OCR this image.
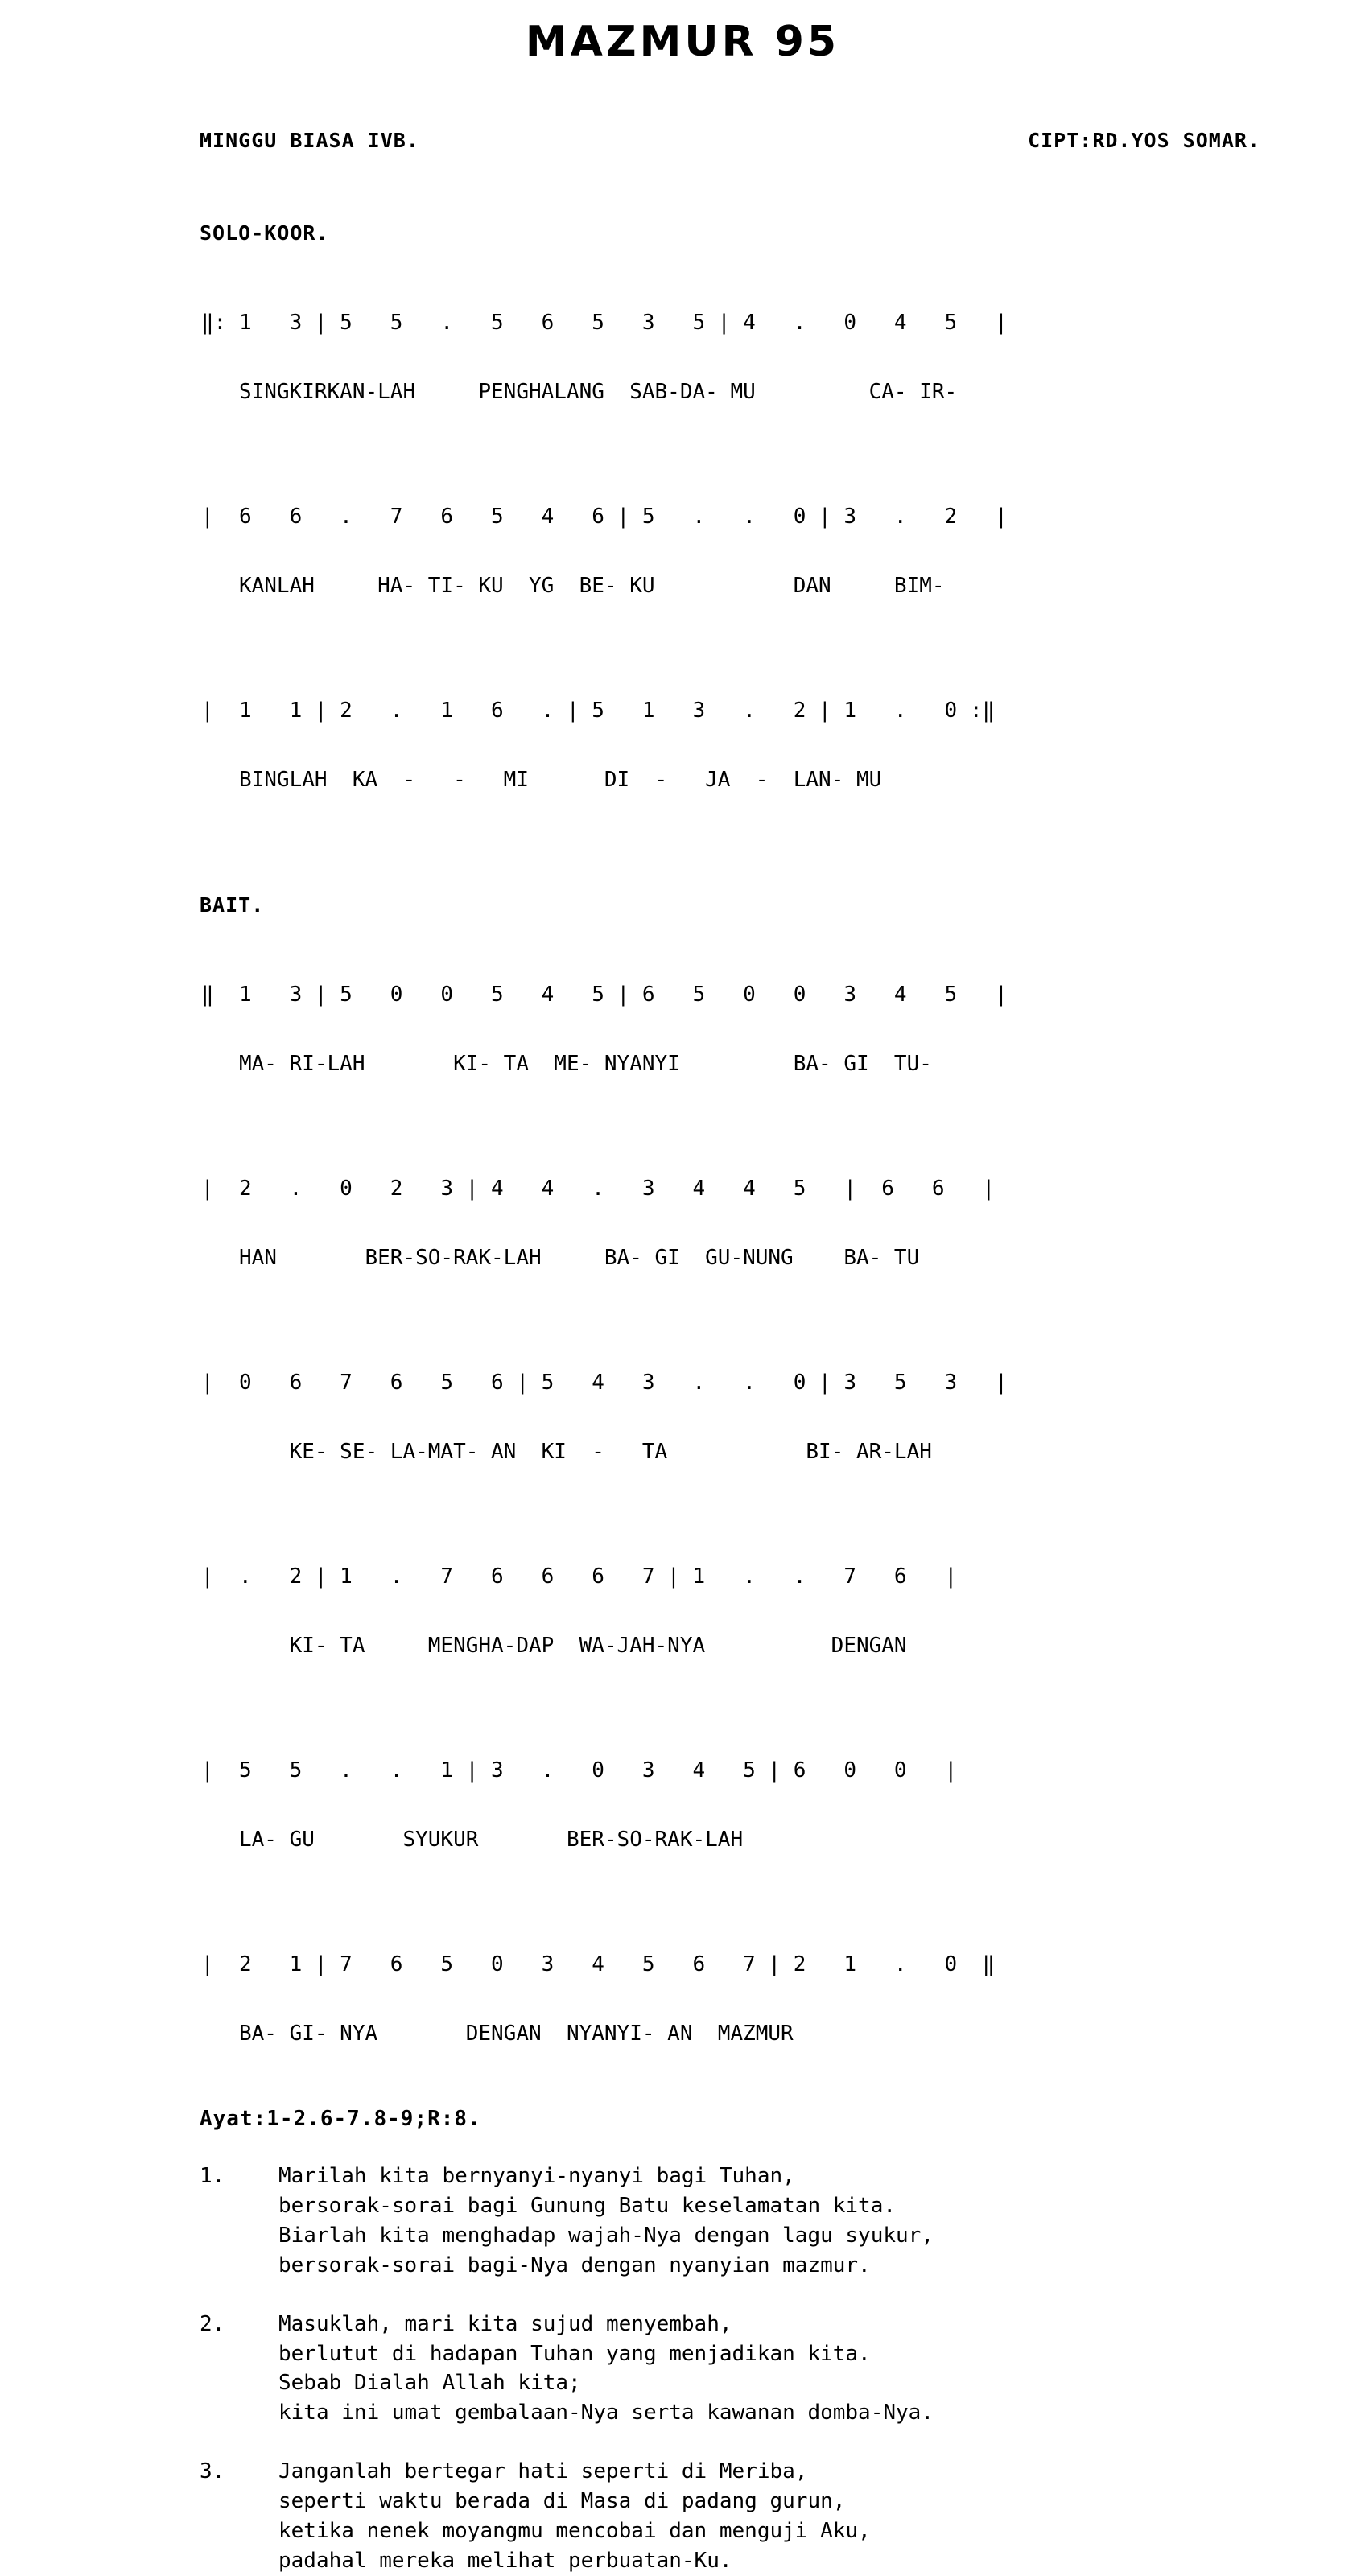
MAZMUR 95
MINGGU BIASA IVB.	CIPT:RD.YOS SOMAR.
SOLO-KOOR.

‖: 1   3 | 5   5   .   5   6   5   3   5 | 4   .   0   4   5   |

SINGKIRKAN-LAH     PENGHALANG  SAB-DA- MU         CA- IR-

|  6   6   .   7   6   5   4   6 | 5   .   .   0 | 3   .   2   |

KANLAH     HA- TI- KU  YG  BE- KU           DAN     BIM-

|  1   1 | 2   .   1   6   . | 5   1   3   .   2 | 1   .   0 :‖

BINGLAH  KA  -   -   MI      DI  -   JA  -  LAN- MU

BAIT.

‖  1   3 | 5   0   0   5   4   5 | 6   5   0   0   3   4   5   |

MA- RI-LAH       KI- TA  ME- NYANYI         BA- GI  TU-

|  2   .   0   2   3 | 4   4   .   3   4   4   5   |  6   6   |

HAN       BER-SO-RAK-LAH     BA- GI  GU-NUNG    BA- TU

|  0   6   7   6   5   6 | 5   4   3   .   .   0 | 3   5   3   |

KE- SE- LA-MAT- AN  KI  -   TA           BI- AR-LAH

|  .   2 | 1   .   7   6   6   6   7 | 1   .   .   7   6   |

KI- TA     MENGHA-DAP  WA-JAH-NYA          DENGAN

|  5   5   .   .   1 | 3   .   0   3   4   5 | 6   0   0   |

LA- GU       SYUKUR       BER-SO-RAK-LAH

|  2   1 | 7   6   5   0   3   4   5   6   7 | 2   1   .   0  ‖

BA- GI- NYA       DENGAN  NYANYI- AN  MAZMUR

Ayat:1-2.6-7.8-9;R:8.
1.	Marilah kita bernyanyi-nyanyi bagi Tuhan,
bersorak-sorai bagi Gunung Batu keselamatan kita.
Biarlah kita menghadap wajah-Nya dengan lagu syukur,
bersorak-sorai bagi-Nya dengan nyanyian mazmur.
2.	Masuklah, mari kita sujud menyembah,
berlutut di hadapan Tuhan yang menjadikan kita.
Sebab Dialah Allah kita;
kita ini umat gembalaan-Nya serta kawanan domba-Nya.
3.	Janganlah bertegar hati seperti di Meriba,
seperti waktu berada di Masa di padang gurun,
ketika nenek moyangmu mencobai dan menguji Aku,
padahal mereka melihat perbuatan-Ku.
